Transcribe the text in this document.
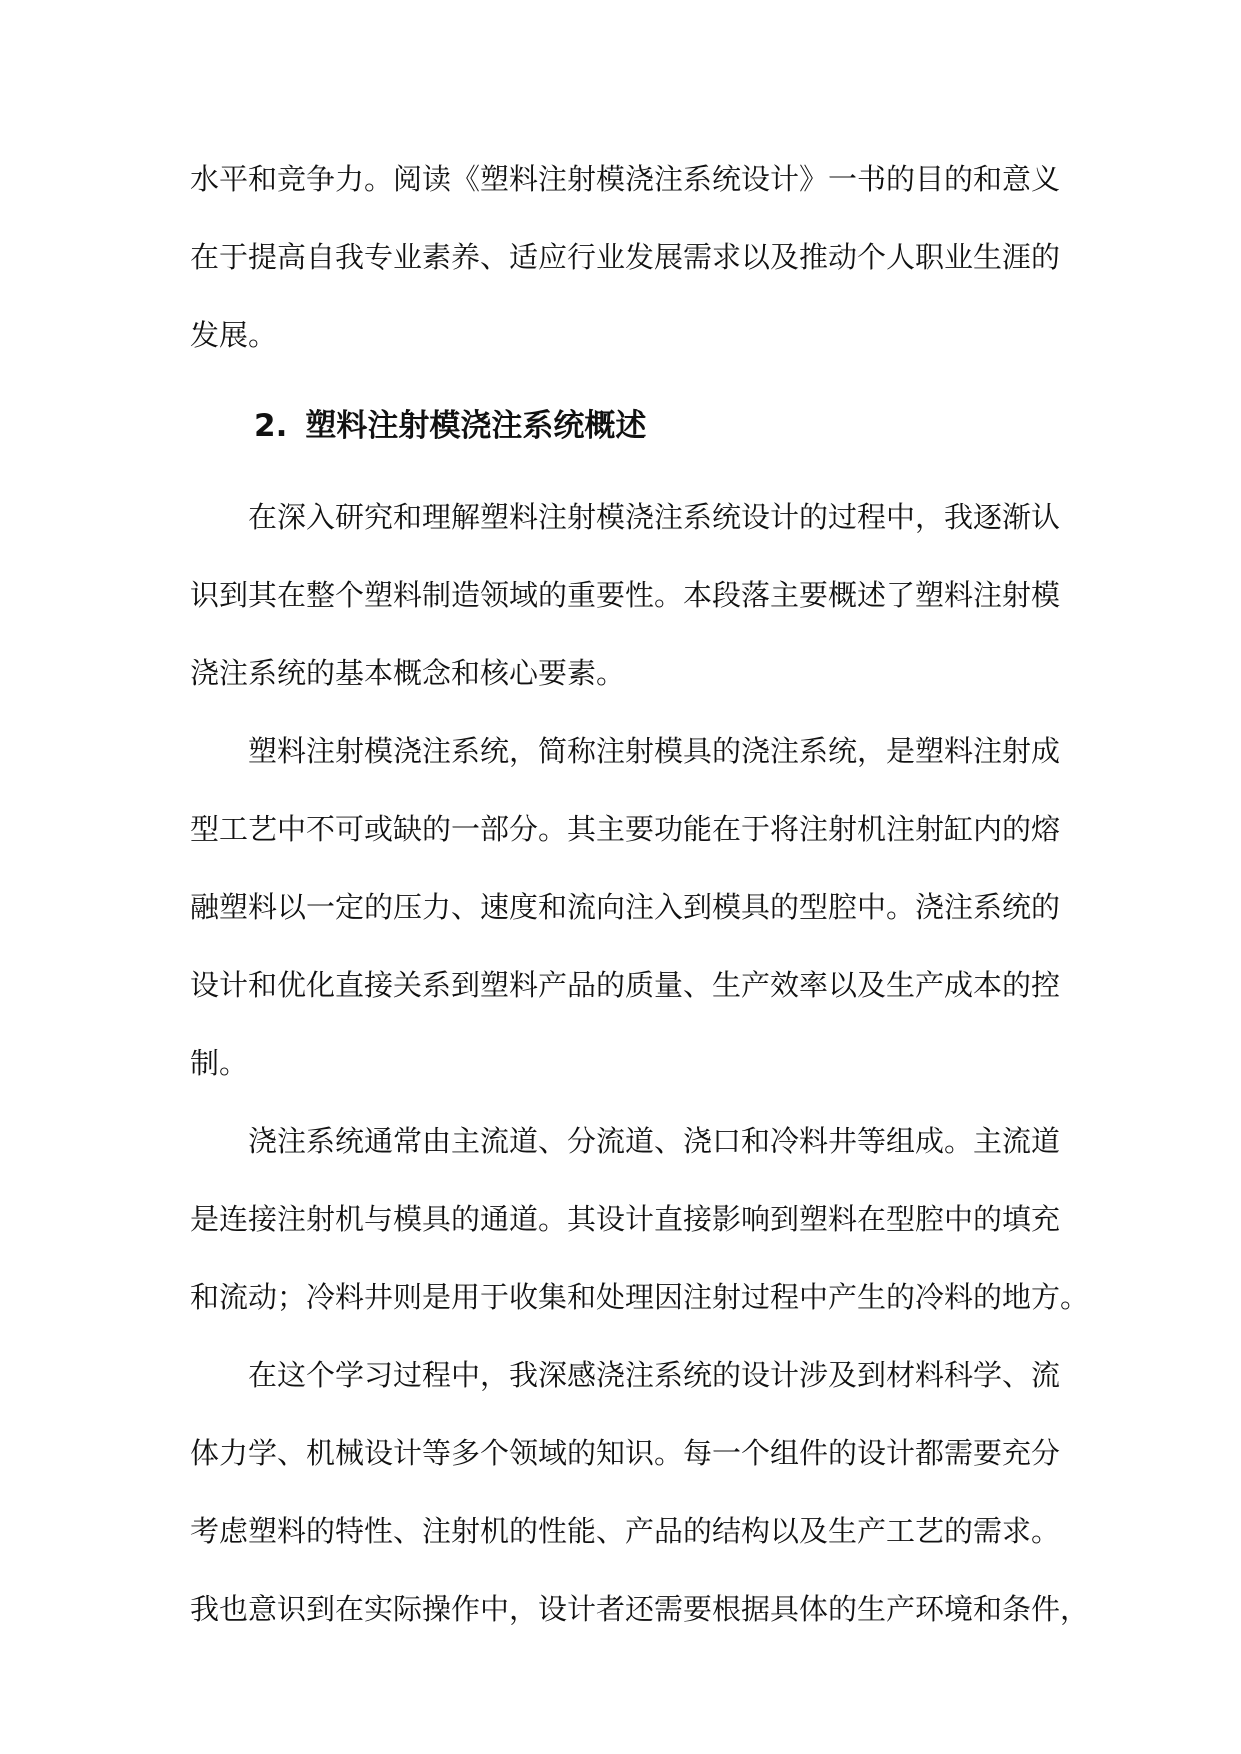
水平和竞争力。阅读《塑料注射模浇注系统设计》一书的目的和意义
在于提高自我专业素养、适应行业发展需求以及推动个人职业生涯的
发展。
2. 塑料注射模浇注系统概述
在深入研究和理解塑料注射模浇注系统设计的过程中，我逐渐认
识到其在整个塑料制造领域的重要性。本段落主要概述了塑料注射模
浇注系统的基本概念和核心要素。
塑料注射模浇注系统，简称注射模具的浇注系统，是塑料注射成
型工艺中不可或缺的一部分。其主要功能在于将注射机注射缸内的熔
融塑料以一定的压力、速度和流向注入到模具的型腔中。浇注系统的
设计和优化直接关系到塑料产品的质量、生产效率以及生产成本的控
制。
浇注系统通常由主流道、分流道、浇口和冷料井等组成。主流道
是连接注射机与模具的通道。其设计直接影响到塑料在型腔中的填充
和流动；冷料井则是用于收集和处理因注射过程中产生的冷料的地方。
在这个学习过程中，我深感浇注系统的设计涉及到材料科学、流
体力学、机械设计等多个领域的知识。每一个组件的设计都需要充分
考虑塑料的特性、注射机的性能、产品的结构以及生产工艺的需求。
我也意识到在实际操作中，设计者还需要根据具体的生产环境和条件，
